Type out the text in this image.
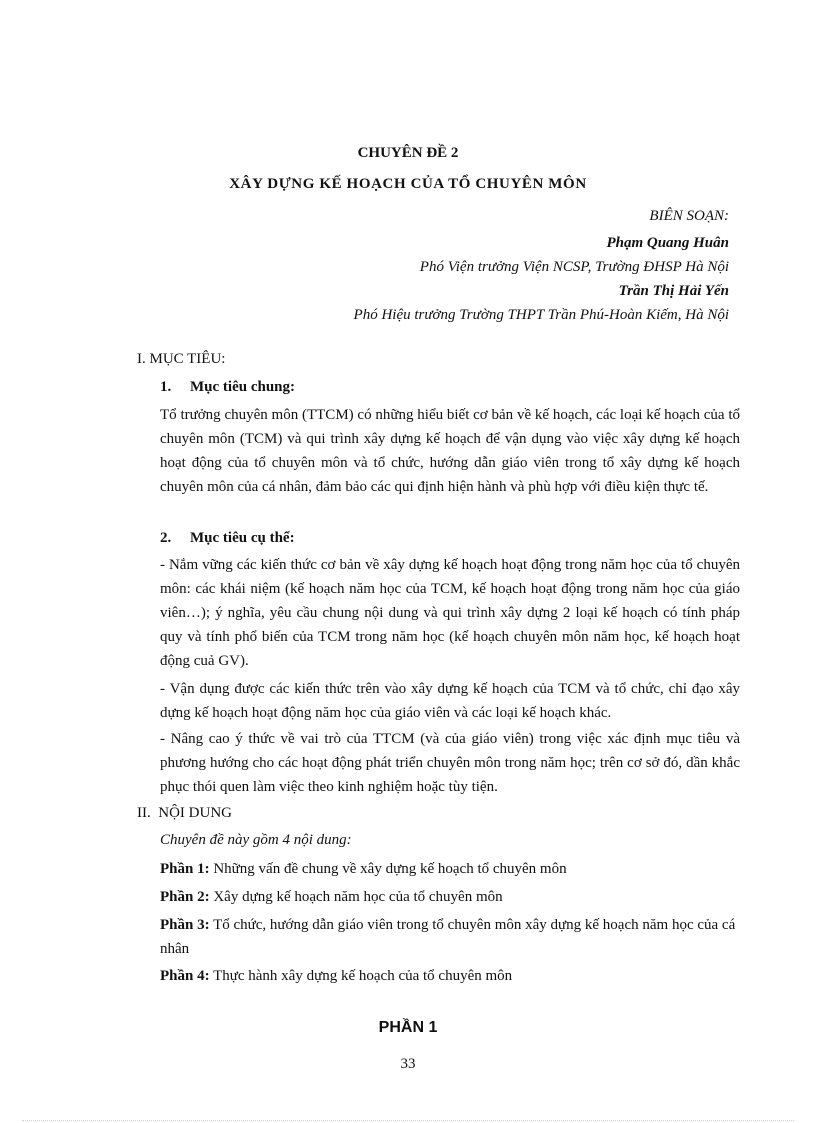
CHUYÊN ĐỀ 2
XÂY DỰNG KẾ HOẠCH CỦA TỔ CHUYÊN MÔN
BIÊN SOẠN:
Phạm Quang Huân
Phó Viện trưởng Viện NCSP, Trường ĐHSP Hà Nội
Trần Thị Hải Yến
Phó Hiệu trưởng Trường THPT Trần Phú-Hoàn Kiếm, Hà Nội
I. MỤC TIÊU:
1.     Mục tiêu chung:
Tổ trưởng chuyên môn (TTCM) có những hiểu biết cơ bản về kế hoạch, các loại kế hoạch của tổ chuyên môn (TCM) và qui trình xây dựng kế hoạch để vận dụng vào việc xây dựng kế hoạch hoạt động của tổ chuyên môn và tổ chức, hướng dẫn giáo viên trong tổ xây dựng kế hoạch chuyên môn của cá nhân, đảm bảo các qui định hiện hành và phù hợp với điều kiện thực tế.
2.     Mục tiêu cụ thể:
- Nắm vững các kiến thức cơ bản về xây dựng kế hoạch hoạt động trong năm học của tổ chuyên môn: các khái niệm (kế hoạch năm học của TCM, kế hoạch hoạt động trong năm học của giáo viên…); ý nghĩa, yêu cầu chung nội dung và qui trình xây dựng 2 loại kế hoạch có tính pháp quy và tính phổ biến của TCM trong năm học (kế hoạch chuyên môn năm học, kế hoạch hoạt động cuả GV).
- Vận dụng được các kiến thức trên vào xây dựng kế hoạch của TCM và tổ chức, chỉ đạo xây dựng kế hoạch hoạt động năm học của giáo viên và các loại kế hoạch khác.
- Nâng cao ý thức về vai trò của TTCM (và của giáo viên) trong việc xác định mục tiêu và phương hướng cho các hoạt động phát triển chuyên môn trong năm học; trên cơ sở đó, dần khắc phục thói quen làm việc theo kinh nghiệm hoặc tùy tiện.
II.  NỘI DUNG
Chuyên đề này gồm 4 nội dung:
Phần 1: Những vấn đề chung về xây dựng kế hoạch tổ chuyên môn
Phần 2: Xây dựng kế hoạch năm học của tổ chuyên môn
Phần 3: Tổ chức, hướng dẫn giáo viên trong tổ chuyên môn xây dựng kế hoạch năm học của cá nhân
Phần 4: Thực hành xây dựng kế hoạch của tổ chuyên môn
PHẦN 1
33
